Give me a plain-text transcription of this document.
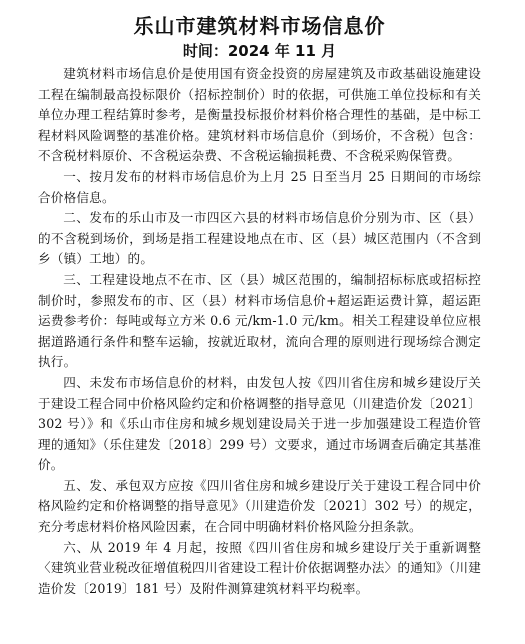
乐山市建筑材料市场信息价

时间：2024 年 11 月

建筑材料市场信息价是使用国有资金投资的房屋建筑及市政基础设施建设工程在编制最高投标限价（招标控制价）时的依据，可供施工单位投标和有关单位办理工程结算时参考，是衡量投标报价材料价格合理性的基础，是中标工程材料风险调整的基准价格。建筑材料市场信息价（到场价，不含税）包含：不含税材料原价、不含税运杂费、不含税运输损耗费、不含税采购保管费。

一、按月发布的材料市场信息价为上月 25 日至当月 25 日期间的市场综合价格信息。

二、发布的乐山市及一市四区六县的材料市场信息价分别为市、区（县）的不含税到场价，到场是指工程建设地点在市、区（县）城区范围内（不含到乡（镇）工地）的。

三、工程建设地点不在市、区（县）城区范围的，编制招标标底或招标控制价时，参照发布的市、区（县）材料市场信息价+超运距运费计算，超运距运费参考价：每吨或每立方米 0.6 元/km-1.0 元/km。相关工程建设单位应根据道路通行条件和整车运输，按就近取材，流向合理的原则进行现场综合测定执行。

四、未发布市场信息价的材料，由发包人按《四川省住房和城乡建设厅关于建设工程合同中价格风险约定和价格调整的指导意见（川建造价发〔2021〕302 号）》和《乐山市住房和城乡规划建设局关于进一步加强建设工程造价管理的通知》（乐住建发〔2018〕299 号）文要求，通过市场调查后确定其基准价。

五、发、承包双方应按《四川省住房和城乡建设厅关于建设工程合同中价格风险约定和价格调整的指导意见》（川建造价发〔2021〕302 号）的规定，充分考虑材料价格风险因素，在合同中明确材料价格风险分担条款。

六、从 2019 年 4 月起，按照《四川省住房和城乡建设厅关于重新调整〈建筑业营业税改征增值税四川省建设工程计价依据调整办法〉的通知》（川建造价发〔2019〕181 号）及附件测算建筑材料平均税率。
